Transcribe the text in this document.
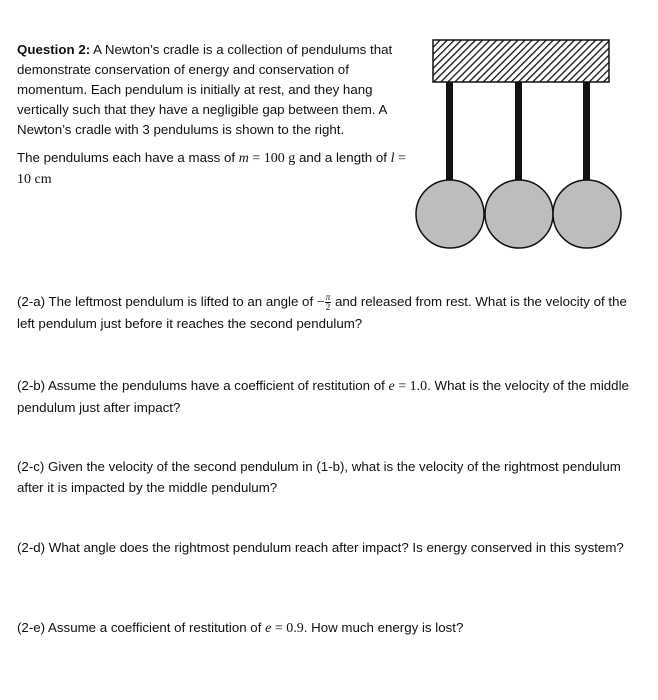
Question 2: A Newton’s cradle is a collection of pendulums that demonstrate conservation of energy and conservation of momentum. Each pendulum is initially at rest, and they hang vertically such that they have a negligible gap between them. A Newton’s cradle with 3 pendulums is shown to the right.

The pendulums each have a mass of m = 100 g and a length of l = 10 cm

(2-a) The leftmost pendulum is lifted to an angle of − $\frac{\pi}{2}$ and released from rest. What is the velocity of the left pendulum just before it reaches the second pendulum?

(2-b) Assume the pendulums have a coefficient of restitution of e = 1.0. What is the velocity of the middle pendulum just after impact?

(2-c) Given the velocity of the second pendulum in (1-b), what is the velocity of the rightmost pendulum after it is impacted by the middle pendulum?

(2-d) What angle does the rightmost pendulum reach after impact? Is energy conserved in this system?

(2-e) Assume a coefficient of restitution of e = 0.9. How much energy is lost?
